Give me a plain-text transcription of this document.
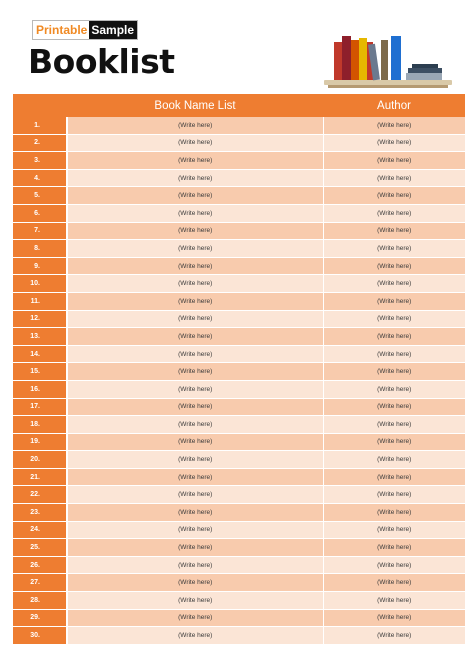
Printable Sample
Booklist
	Book Name List	Author
1.	(Write here)	(Write here)
2.	(Write here)	(Write here)
3.	(Write here)	(Write here)
4.	(Write here)	(Write here)
5.	(Write here)	(Write here)
6.	(Write here)	(Write here)
7.	(Write here)	(Write here)
8.	(Write here)	(Write here)
9.	(Write here)	(Write here)
10.	(Write here)	(Write here)
11.	(Write here)	(Write here)
12.	(Write here)	(Write here)
13.	(Write here)	(Write here)
14.	(Write here)	(Write here)
15.	(Write here)	(Write here)
16.	(Write here)	(Write here)
17.	(Write here)	(Write here)
18.	(Write here)	(Write here)
19.	(Write here)	(Write here)
20.	(Write here)	(Write here)
21.	(Write here)	(Write here)
22.	(Write here)	(Write here)
23.	(Write here)	(Write here)
24.	(Write here)	(Write here)
25.	(Write here)	(Write here)
26.	(Write here)	(Write here)
27.	(Write here)	(Write here)
28.	(Write here)	(Write here)
29.	(Write here)	(Write here)
30.	(Write here)	(Write here)
